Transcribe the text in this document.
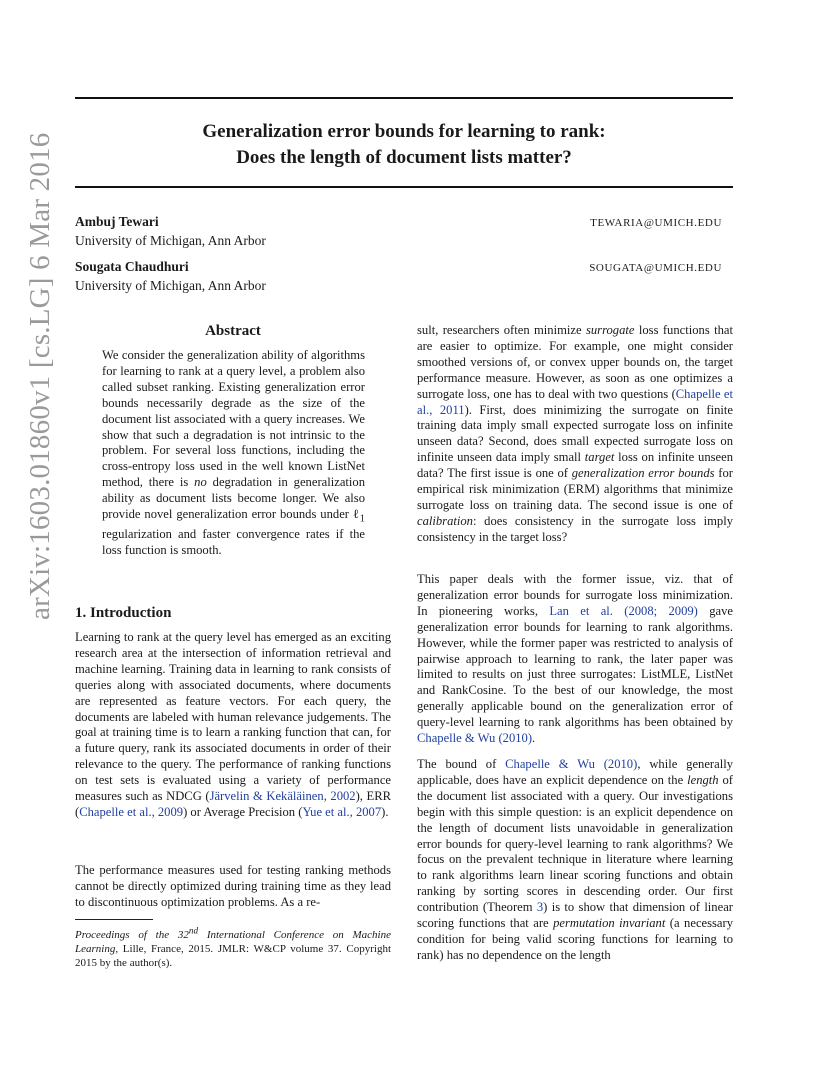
arXiv:1603.01860v1 [cs.LG] 6 Mar 2016
Generalization error bounds for learning to rank:
Does the length of document lists matter?
Ambuj Tewari
University of Michigan, Ann Arbor
TEWARIA@UMICH.EDU
Sougata Chaudhuri
University of Michigan, Ann Arbor
SOUGATA@UMICH.EDU
Abstract
We consider the generalization ability of algorithms for learning to rank at a query level, a problem also called subset ranking. Existing generalization error bounds necessarily degrade as the size of the document list associated with a query increases. We show that such a degradation is not intrinsic to the problem. For several loss functions, including the cross-entropy loss used in the well known ListNet method, there is no degradation in generalization ability as document lists become longer. We also provide novel generalization error bounds under ℓ$_1$ regularization and faster convergence rates if the loss function is smooth.
1. Introduction

Learning to rank at the query level has emerged as an exciting research area at the intersection of information retrieval and machine learning. Training data in learning to rank consists of queries along with associated documents, where documents are represented as feature vectors. For each query, the documents are labeled with human relevance judgements. The goal at training time is to learn a ranking function that can, for a future query, rank its associated documents in order of their relevance to the query. The performance of ranking functions on test sets is evaluated using a variety of performance measures such as NDCG (Järvelin & Kekäläinen, 2002), ERR (Chapelle et al., 2009) or Average Precision (Yue et al., 2007).

The performance measures used for testing ranking methods cannot be directly optimized during training time as they lead to discontinuous optimization problems. As a re-

Proceedings of the 32nd International Conference on Machine Learning, Lille, France, 2015. JMLR: W&CP volume 37. Copyright 2015 by the author(s).

sult, researchers often minimize surrogate loss functions that are easier to optimize. For example, one might consider smoothed versions of, or convex upper bounds on, the target performance measure. However, as soon as one optimizes a surrogate loss, one has to deal with two questions (Chapelle et al., 2011). First, does minimizing the surrogate on finite training data imply small expected surrogate loss on infinite unseen data? Second, does small expected surrogate loss on infinite unseen data imply small target loss on infinite unseen data? The first issue is one of generalization error bounds for empirical risk minimization (ERM) algorithms that minimize surrogate loss on training data. The second issue is one of calibration: does consistency in the surrogate loss imply consistency in the target loss?

This paper deals with the former issue, viz. that of generalization error bounds for surrogate loss minimization. In pioneering works, Lan et al. (2008; 2009) gave generalization error bounds for learning to rank algorithms. However, while the former paper was restricted to analysis of pairwise approach to learning to rank, the later paper was limited to results on just three surrogates: ListMLE, ListNet and RankCosine. To the best of our knowledge, the most generally applicable bound on the generalization error of query-level learning to rank algorithms has been obtained by Chapelle & Wu (2010).

The bound of Chapelle & Wu (2010), while generally applicable, does have an explicit dependence on the length of the document list associated with a query. Our investigations begin with this simple question: is an explicit dependence on the length of document lists unavoidable in generalization error bounds for query-level learning to rank algorithms? We focus on the prevalent technique in literature where learning to rank algorithms learn linear scoring functions and obtain ranking by sorting scores in descending order. Our first contribution (Theorem 3) is to show that dimension of linear scoring functions that are permutation invariant (a necessary condition for being valid scoring functions for learning to rank) has no dependence on the length
